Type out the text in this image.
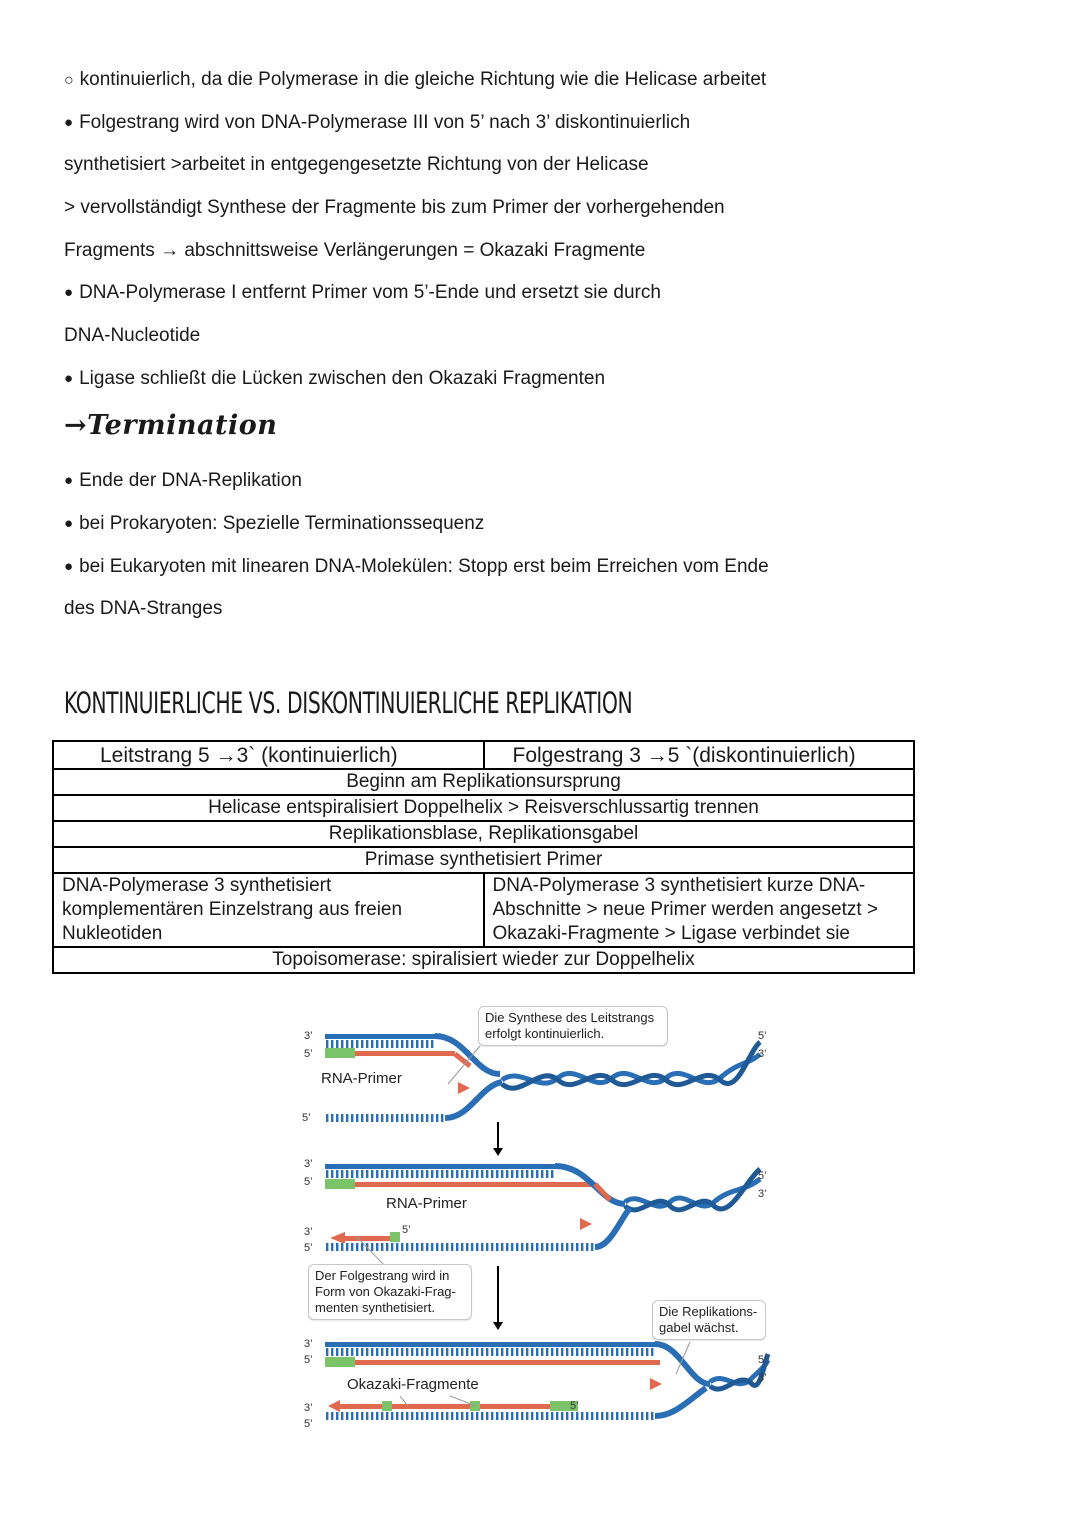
○ kontinuierlich, da die Polymerase in die gleiche Richtung wie die Helicase arbeitet
● Folgestrang wird von DNA-Polymerase III von 5’ nach 3’ diskontinuierlich
synthetisiert >arbeitet in entgegengesetzte Richtung von der Helicase
> vervollständigt Synthese der Fragmente bis zum Primer der vorhergehenden
Fragments → abschnittsweise Verlängerungen = Okazaki Fragmente
● DNA-Polymerase I entfernt Primer vom 5’-Ende und ersetzt sie durch
DNA-Nucleotide
● Ligase schließt die Lücken zwischen den Okazaki Fragmenten
→Termination
● Ende der DNA-Replikation
● bei Prokaryoten: Spezielle Terminationssequenz
● bei Eukaryoten mit linearen DNA-Molekülen: Stopp erst beim Erreichen vom Ende
des DNA-Stranges
KONTINUIERLICHE VS. DISKONTINUIERLICHE REPLIKATION
Leitstrang 5 →3` (kontinuierlich)	Folgestrang 3 →5 `(diskontinuierlich)
Beginn am Replikationsursprung	
Helicase entspiralisiert Doppelhelix > Reisverschlussartig trennen	
Replikationsblase, Replikationsgabel	
Primase synthetisiert Primer	
DNA-Polymerase 3 synthetisiert komplementären Einzelstrang aus freien Nukleotiden	DNA-Polymerase 3 synthetisiert kurze DNA-Abschnitte > neue Primer werden angesetzt > Okazaki-Fragmente > Ligase verbindet sie
Topoisomerase: spiralisiert wieder zur Doppelhelix	
3’
5’
5’
3’
5’
3’
5’
3’
5’
3’
5’
5’
3’
5’
3’
5’
3’
5’
5’
RNA-Primer
RNA-Primer
Okazaki-Fragmente
Die Synthese des Leitstrangs erfolgt kontinuierlich.
Der Folgestrang wird in Form von Okazaki-Frag-menten synthetisiert.	Die Replikations-gabel wächst.
